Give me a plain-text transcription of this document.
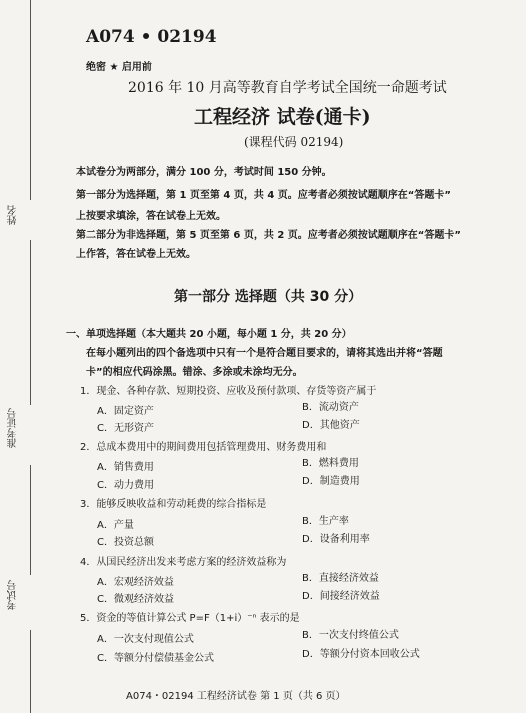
姓名
准考证号
考试号
A074 • 02194
绝密 ★ 启用前
2016 年 10 月高等教育自学考试全国统一命题考试
工程经济 试卷(通卡)
(课程代码 02194)
本试卷分为两部分，满分 100 分，考试时间 150 分钟。
第一部分为选择题，第 1 页至第 4 页，共 4 页。应考者必须按试题顺序在“答题卡”
上按要求填涂，答在试卷上无效。
第二部分为非选择题，第 5 页至第 6 页，共 2 页。应考者必须按试题顺序在“答题卡”
上作答，答在试卷上无效。
第一部分 选择题（共 30 分）
一、单项选择题（本大题共 20 小题，每小题 1 分，共 20 分）
在每小题列出的四个备选项中只有一个是符合题目要求的，请将其选出并将“答题
卡”的相应代码涂黑。错涂、多涂或未涂均无分。
1．现金、各种存款、短期投资、应收及预付款项、存货等资产属于
A．固定资产	B．流动资产
C．无形资产	D．其他资产
2．总成本费用中的期间费用包括管理费用、财务费用和
A．销售费用	B．燃料费用
C．动力费用	D．制造费用
3．能够反映收益和劳动耗费的综合指标是
A．产量	B．生产率
C．投资总额	D．设备利用率
4．从国民经济出发来考虑方案的经济效益称为
A．宏观经济效益	B．直接经济效益
C．微观经济效益	D．间接经济效益
5．资金的等值计算公式 P=F（1+i）⁻ⁿ 表示的是
A．一次支付现值公式	B．一次支付终值公式
C．等额分付偿债基金公式	D．等额分付资本回收公式
A074・02194 工程经济试卷 第 1 页（共 6 页）
